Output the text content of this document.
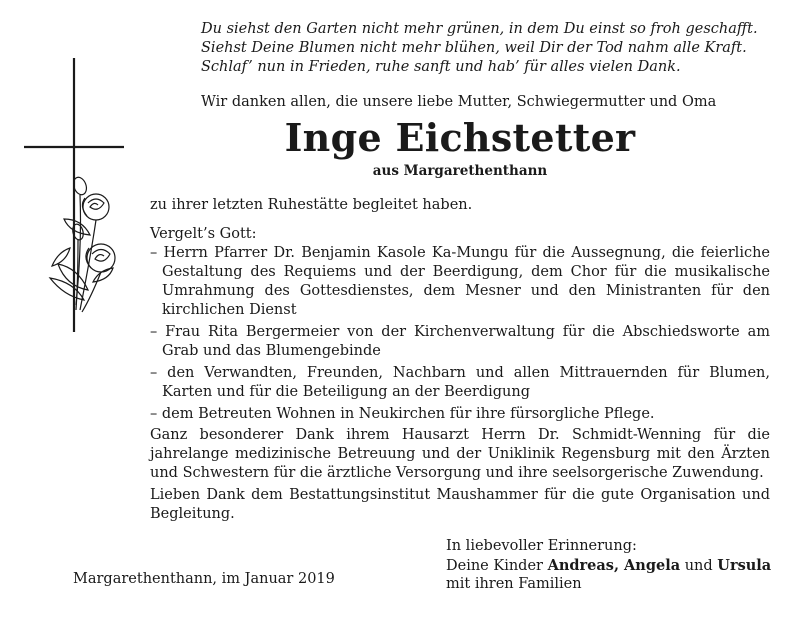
Du siehst den Garten nicht mehr grünen, in dem Du einst so froh geschafft.
Siehst Deine Blumen nicht mehr blühen, weil Dir der Tod nahm alle Kraft.
Schlaf’ nun in Frieden, ruhe sanft und hab’ für alles vielen Dank.
Wir danken allen, die unsere liebe Mutter, Schwiegermutter und Oma
Inge Eichstetter
aus Margarethenthann
zu ihrer letzten Ruhestätte begleitet haben.
Vergelt’s Gott:
– Herrn Pfarrer Dr. Benjamin Kasole Ka-Mungu für die Aussegnung, die feierliche Gestaltung des Requiems und der Beerdigung, dem Chor für die musikalische Umrahmung des Gottesdienstes, dem Mesner und den Ministranten für den kirchlichen Dienst
– Frau Rita Bergermeier von der Kirchenverwaltung für die Abschiedsworte am Grab und das Blumengebinde
– den Verwandten, Freunden, Nachbarn und allen Mittrauernden für Blumen, Karten und für die Beteiligung an der Beerdigung
– dem Betreuten Wohnen in Neukirchen für ihre fürsorgliche Pflege.
Ganz besonderer Dank ihrem Hausarzt Herrn Dr. Schmidt-Wenning für die jahrelange medizinische Betreuung und der Uniklinik Regensburg mit den Ärzten und Schwestern für die ärztliche Versorgung und ihre seelsorgerische Zuwendung.
Lieben Dank dem Bestattungsinstitut Maushammer für die gute Organisation und Begleitung.
Margarethenthann, im Januar 2019
In liebevoller Erinnerung:
Deine Kinder Andreas, Angela und Ursula
mit ihren Familien
